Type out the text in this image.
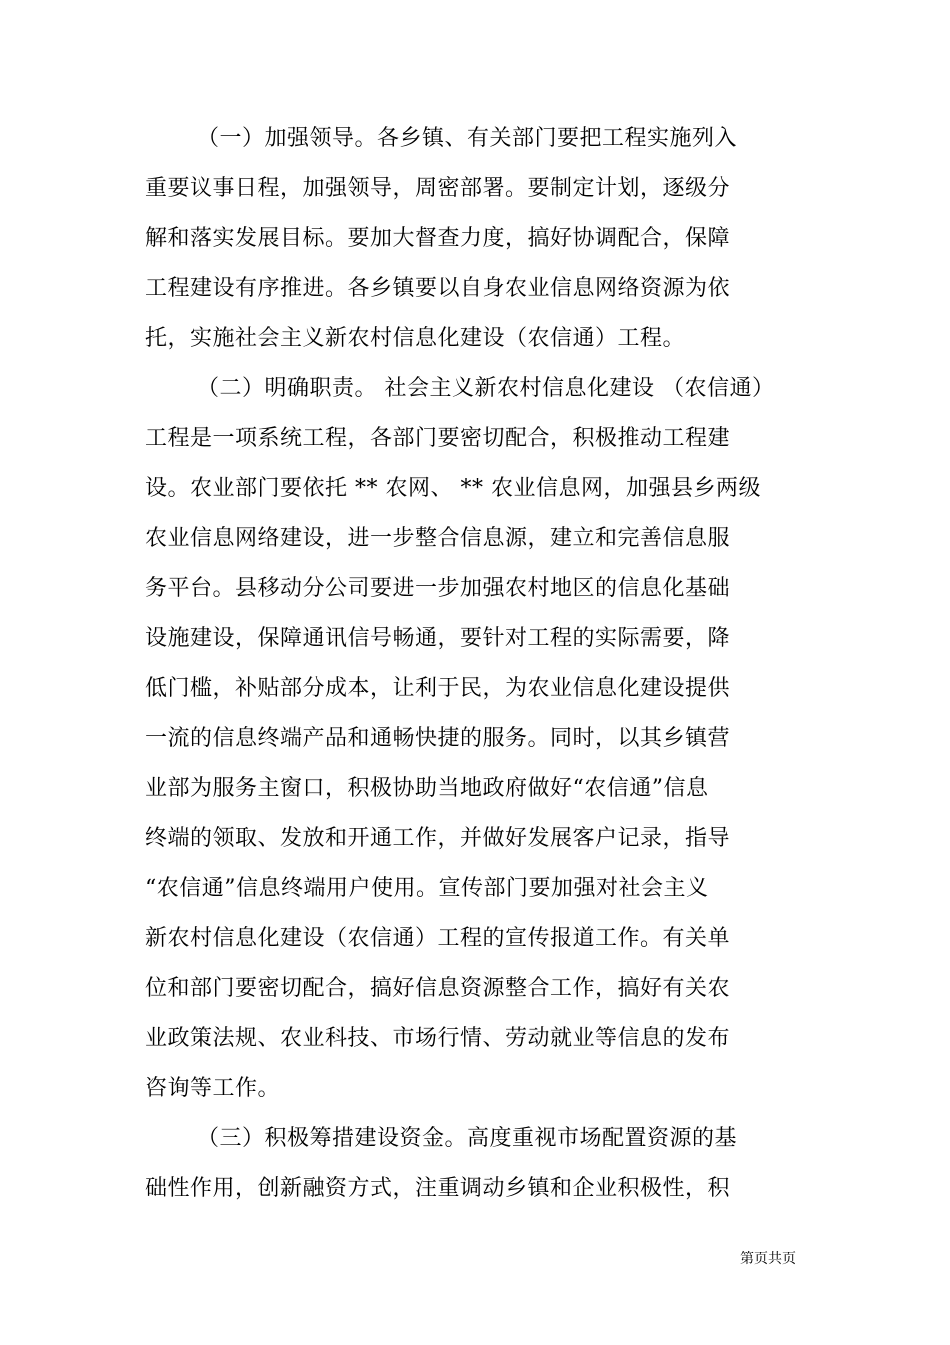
（一）加强领导。各乡镇、有关部门要把工程实施列入
重要议事日程，加强领导，周密部署。要制定计划，逐级分
解和落实发展目标。要加大督查力度，搞好协调配合，保障
工程建设有序推进。各乡镇要以自身农业信息网络资源为依
托，实施社会主义新农村信息化建设（农信通）工程。
（二）明确职责。 社会主义新农村信息化建设 （农信通）
工程是一项系统工程，各部门要密切配合，积极推动工程建
设。农业部门要依托 ** 农网、 ** 农业信息网，加强县乡两级
农业信息网络建设，进一步整合信息源，建立和完善信息服
务平台。县移动分公司要进一步加强农村地区的信息化基础
设施建设，保障通讯信号畅通，要针对工程的实际需要，降
低门槛，补贴部分成本，让利于民，为农业信息化建设提供
一流的信息终端产品和通畅快捷的服务。同时，以其乡镇营
业部为服务主窗口，积极协助当地政府做好“农信通”信息
终端的领取、发放和开通工作，并做好发展客户记录，指导
“农信通”信息终端用户使用。宣传部门要加强对社会主义
新农村信息化建设（农信通）工程的宣传报道工作。有关单
位和部门要密切配合，搞好信息资源整合工作，搞好有关农
业政策法规、农业科技、市场行情、劳动就业等信息的发布
咨询等工作。
（三）积极筹措建设资金。高度重视市场配置资源的基
础性作用，创新融资方式，注重调动乡镇和企业积极性，积
第页共页
